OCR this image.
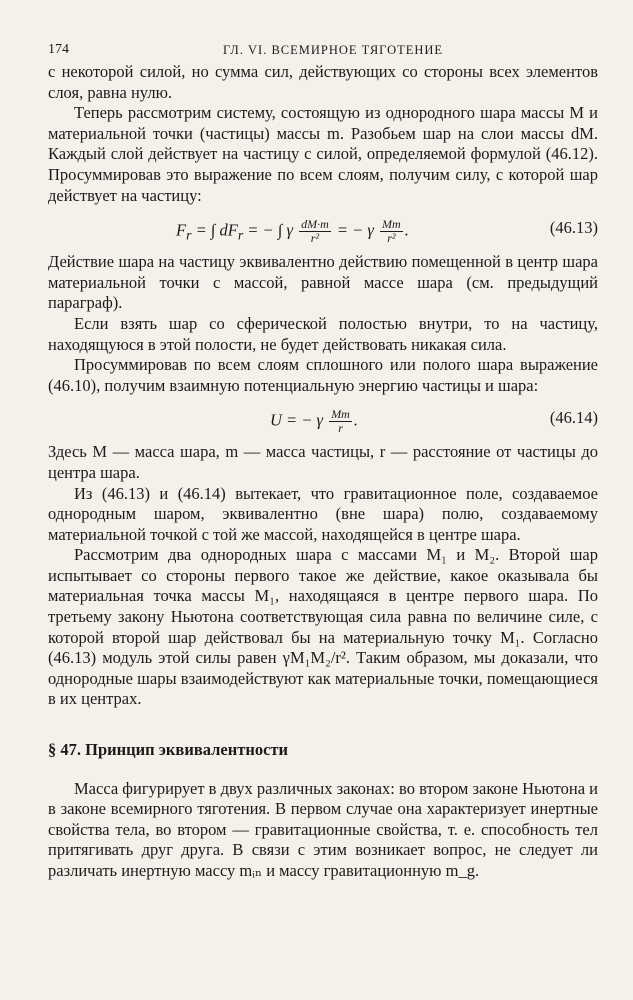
174	ГЛ. VI. ВСЕМИРНОЕ ТЯГОТЕНИЕ

с некоторой силой, но сумма сил, действующих со стороны всех элементов слоя, равна нулю.

Теперь рассмотрим систему, состоящую из однородного шара массы M и материальной точки (частицы) массы m. Разобьем шар на слои массы dM. Каждый слой действует на частицу с силой, определяемой формулой (46.12). Просуммировав это выражение по всем слоям, получим силу, с которой шар действует на частицу:

$F_r$ = ∫ $dF_r$ = − ∫ γ $\frac{dM\cdot m}{\text{r²}}$ = − γ $\frac{Mm}{\text{r²}}$ .	(46.13)

Действие шара на частицу эквивалентно действию помещенной в центр шара материальной точки с массой, равной массе шара (см. предыдущий параграф).

Если взять шар со сферической полостью внутри, то на частицу, находящуюся в этой полости, не будет действовать никакая сила.

Просуммировав по всем слоям сплошного или полого шара выражение (46.10), получим взаимную потенциальную энергию частицы и шара:

U = − γ $\frac{Mm}{r}$ .	(46.14)

Здесь M — масса шара, m — масса частицы, r — расстояние от частицы до центра шара.

Из (46.13) и (46.14) вытекает, что гравитационное поле, создаваемое однородным шаром, эквивалентно (вне шара) полю, создаваемому материальной точкой с той же массой, находящейся в центре шара.

Рассмотрим два однородных шара с массами M₁ и M₂. Второй шар испытывает со стороны первого такое же действие, какое оказывала бы материальная точка массы M₁, находящаяся в центре первого шара. По третьему закону Ньютона соответствующая сила равна по величине силе, с которой второй шар действовал бы на материальную точку M₁. Согласно (46.13) модуль этой силы равен γM₁M₂/r². Таким образом, мы доказали, что однородные шары взаимодействуют как материальные точки, помещающиеся в их центрах.

§ 47. Принцип эквивалентности

Масса фигурирует в двух различных законах: во втором законе Ньютона и в законе всемирного тяготения. В первом случае она характеризует инертные свойства тела, во втором — гравитационные свойства, т. е. способность тел притягивать друг друга. В связи с этим возникает вопрос, не следует ли различать инертную массу mᵢₙ и массу гравитационную m_g.
